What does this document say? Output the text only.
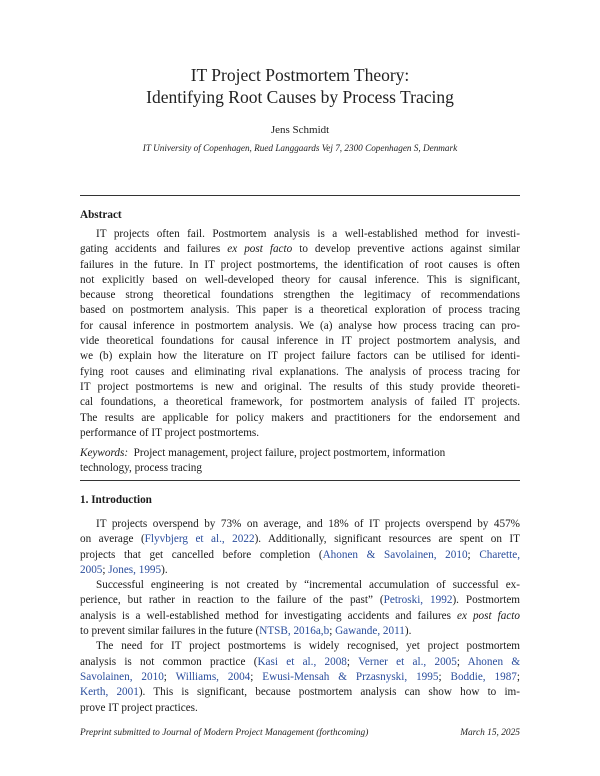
IT Project Postmortem Theory:
Identifying Root Causes by Process Tracing
Jens Schmidt
IT University of Copenhagen, Rued Langgaards Vej 7, 2300 Copenhagen S, Denmark
Abstract
IT projects often fail. Postmortem analysis is a well-established method for investi-
gating accidents and failures ex post facto to develop preventive actions against similar
failures in the future. In IT project postmortems, the identification of root causes is often
not explicitly based on well-developed theory for causal inference. This is significant,
because strong theoretical foundations strengthen the legitimacy of recommendations
based on postmortem analysis. This paper is a theoretical exploration of process tracing
for causal inference in postmortem analysis. We (a) analyse how process tracing can pro-
vide theoretical foundations for causal inference in IT project postmortem analysis, and
we (b) explain how the literature on IT project failure factors can be utilised for identi-
fying root causes and eliminating rival explanations. The analysis of process tracing for
IT project postmortems is new and original. The results of this study provide theoreti-
cal foundations, a theoretical framework, for postmortem analysis of failed IT projects.
The results are applicable for policy makers and practitioners for the endorsement and
performance of IT project postmortems.
Keywords:  Project management, project failure, project postmortem, information
technology, process tracing
1. Introduction
IT projects overspend by 73% on average, and 18% of IT projects overspend by 457%
on average (Flyvbjerg et al., 2022). Additionally, significant resources are spent on IT
projects that get cancelled before completion (Ahonen & Savolainen, 2010; Charette,
2005; Jones, 1995).
Successful engineering is not created by “incremental accumulation of successful ex-
perience, but rather in reaction to the failure of the past” (Petroski, 1992). Postmortem
analysis is a well-established method for investigating accidents and failures ex post facto
to prevent similar failures in the future (NTSB, 2016a,b; Gawande, 2011).
The need for IT project postmortems is widely recognised, yet project postmortem
analysis is not common practice (Kasi et al., 2008; Verner et al., 2005; Ahonen &
Savolainen, 2010; Williams, 2004; Ewusi-Mensah & Przasnyski, 1995; Boddie, 1987;
Kerth, 2001). This is significant, because postmortem analysis can show how to im-
prove IT project practices.
Preprint submitted to Journal of Modern Project Management (forthcoming)	March 15, 2025
